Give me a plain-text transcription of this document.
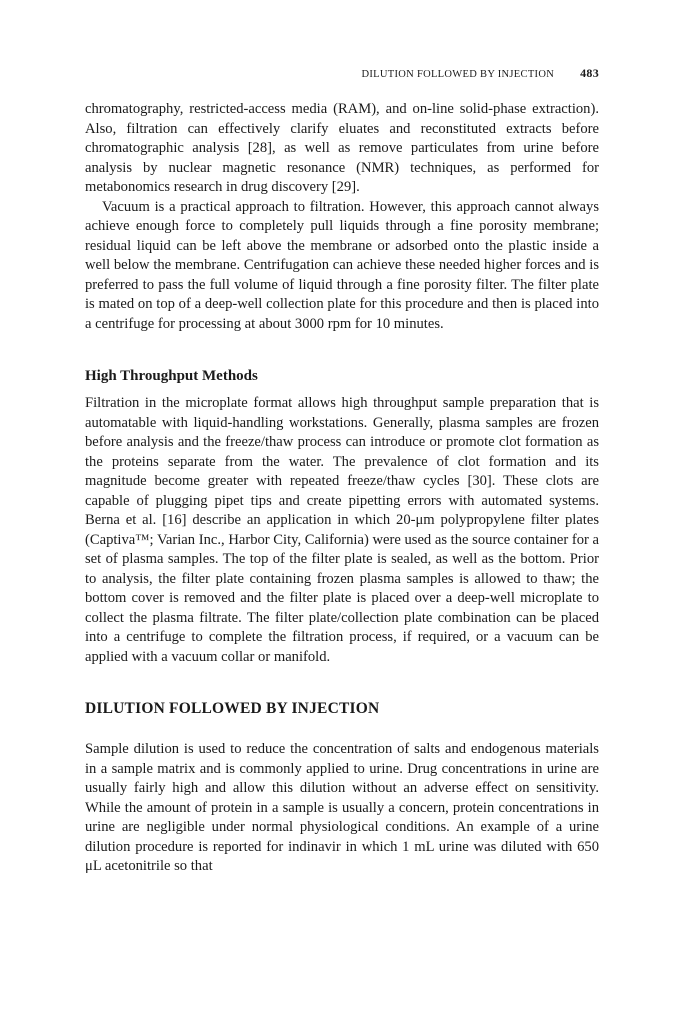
DILUTION FOLLOWED BY INJECTION 483

chromatography, restricted-access media (RAM), and on-line solid-phase extraction). Also, filtration can effectively clarify eluates and reconstituted extracts before chromatographic analysis [28], as well as remove particulates from urine before analysis by nuclear magnetic resonance (NMR) techniques, as performed for metabonomics research in drug discovery [29].

Vacuum is a practical approach to filtration. However, this approach cannot always achieve enough force to completely pull liquids through a fine porosity membrane; residual liquid can be left above the membrane or adsorbed onto the plastic inside a well below the membrane. Centrifugation can achieve these needed higher forces and is preferred to pass the full volume of liquid through a fine porosity filter. The filter plate is mated on top of a deep-well collection plate for this procedure and then is placed into a centrifuge for processing at about 3000 rpm for 10 minutes.

High Throughput Methods

Filtration in the microplate format allows high throughput sample preparation that is automatable with liquid-handling workstations. Generally, plasma samples are frozen before analysis and the freeze/thaw process can introduce or promote clot formation as the proteins separate from the water. The prevalence of clot formation and its magnitude become greater with repeated freeze/thaw cycles [30]. These clots are capable of plugging pipet tips and create pipetting errors with automated systems. Berna et al. [16] describe an application in which 20-μm polypropylene filter plates (Captiva™; Varian Inc., Harbor City, California) were used as the source container for a set of plasma samples. The top of the filter plate is sealed, as well as the bottom. Prior to analysis, the filter plate containing frozen plasma samples is allowed to thaw; the bottom cover is removed and the filter plate is placed over a deep-well microplate to collect the plasma filtrate. The filter plate/collection plate combination can be placed into a centrifuge to complete the filtration process, if required, or a vacuum can be applied with a vacuum collar or manifold.

DILUTION FOLLOWED BY INJECTION

Sample dilution is used to reduce the concentration of salts and endogenous materials in a sample matrix and is commonly applied to urine. Drug concentrations in urine are usually fairly high and allow this dilution without an adverse effect on sensitivity. While the amount of protein in a sample is usually a concern, protein concentrations in urine are negligible under normal physiological conditions. An example of a urine dilution procedure is reported for indinavir in which 1 mL urine was diluted with 650 μL acetonitrile so that
